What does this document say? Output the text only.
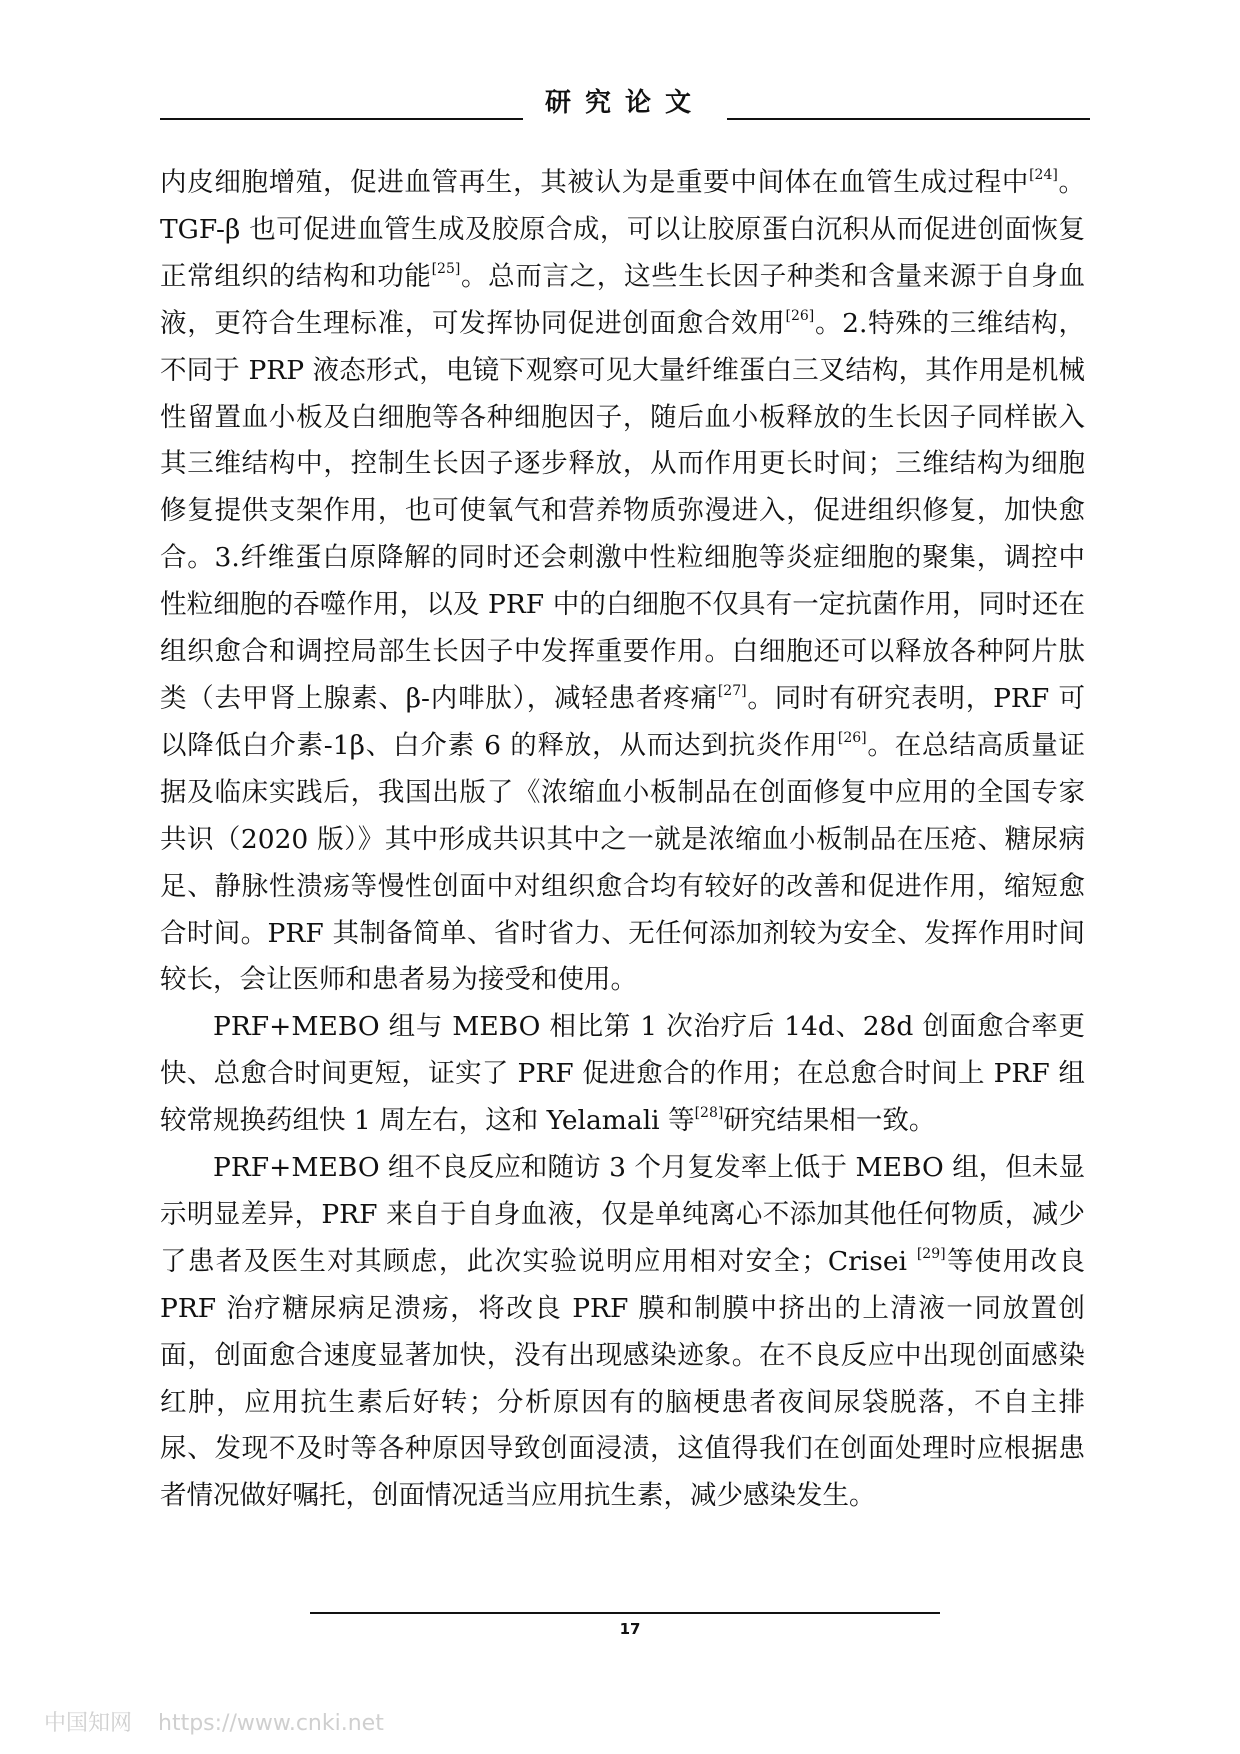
研究论文

内皮细胞增殖，促进血管再生，其被认为是重要中间体在血管生成过程中[24]。TGF-β 也可促进血管生成及胶原合成，可以让胶原蛋白沉积从而促进创面恢复正常组织的结构和功能[25]。总而言之，这些生长因子种类和含量来源于自身血液，更符合生理标准，可发挥协同促进创面愈合效用[26]。2.特殊的三维结构，不同于 PRP 液态形式，电镜下观察可见大量纤维蛋白三叉结构，其作用是机械性留置血小板及白细胞等各种细胞因子，随后血小板释放的生长因子同样嵌入其三维结构中，控制生长因子逐步释放，从而作用更长时间；三维结构为细胞修复提供支架作用，也可使氧气和营养物质弥漫进入，促进组织修复，加快愈合。3.纤维蛋白原降解的同时还会刺激中性粒细胞等炎症细胞的聚集，调控中性粒细胞的吞噬作用，以及 PRF 中的白细胞不仅具有一定抗菌作用，同时还在组织愈合和调控局部生长因子中发挥重要作用。白细胞还可以释放各种阿片肽类（去甲肾上腺素、β-内啡肽），减轻患者疼痛[27]。同时有研究表明，PRF 可以降低白介素-1β、白介素 6 的释放，从而达到抗炎作用[26]。在总结高质量证据及临床实践后，我国出版了《浓缩血小板制品在创面修复中应用的全国专家共识（2020 版）》其中形成共识其中之一就是浓缩血小板制品在压疮、糖尿病足、静脉性溃疡等慢性创面中对组织愈合均有较好的改善和促进作用，缩短愈合时间。PRF 其制备简单、省时省力、无任何添加剂较为安全、发挥作用时间较长，会让医师和患者易为接受和使用。

PRF+MEBO 组与 MEBO 相比第 1 次治疗后 14d、28d 创面愈合率更快、总愈合时间更短，证实了 PRF 促进愈合的作用；在总愈合时间上 PRF 组较常规换药组快 1 周左右，这和 Yelamali 等[28]研究结果相一致。

PRF+MEBO 组不良反应和随访 3 个月复发率上低于 MEBO 组，但未显示明显差异，PRF 来自于自身血液，仅是单纯离心不添加其他任何物质，减少了患者及医生对其顾虑，此次实验说明应用相对安全；Crisei [29]等使用改良 PRF 治疗糖尿病足溃疡，将改良 PRF 膜和制膜中挤出的上清液一同放置创面，创面愈合速度显著加快，没有出现感染迹象。在不良反应中出现创面感染红肿，应用抗生素后好转；分析原因有的脑梗患者夜间尿袋脱落，不自主排尿、发现不及时等各种原因导致创面浸渍，这值得我们在创面处理时应根据患者情况做好嘱托，创面情况适当应用抗生素，减少感染发生。

17
中国知网 https://www.cnki.net
